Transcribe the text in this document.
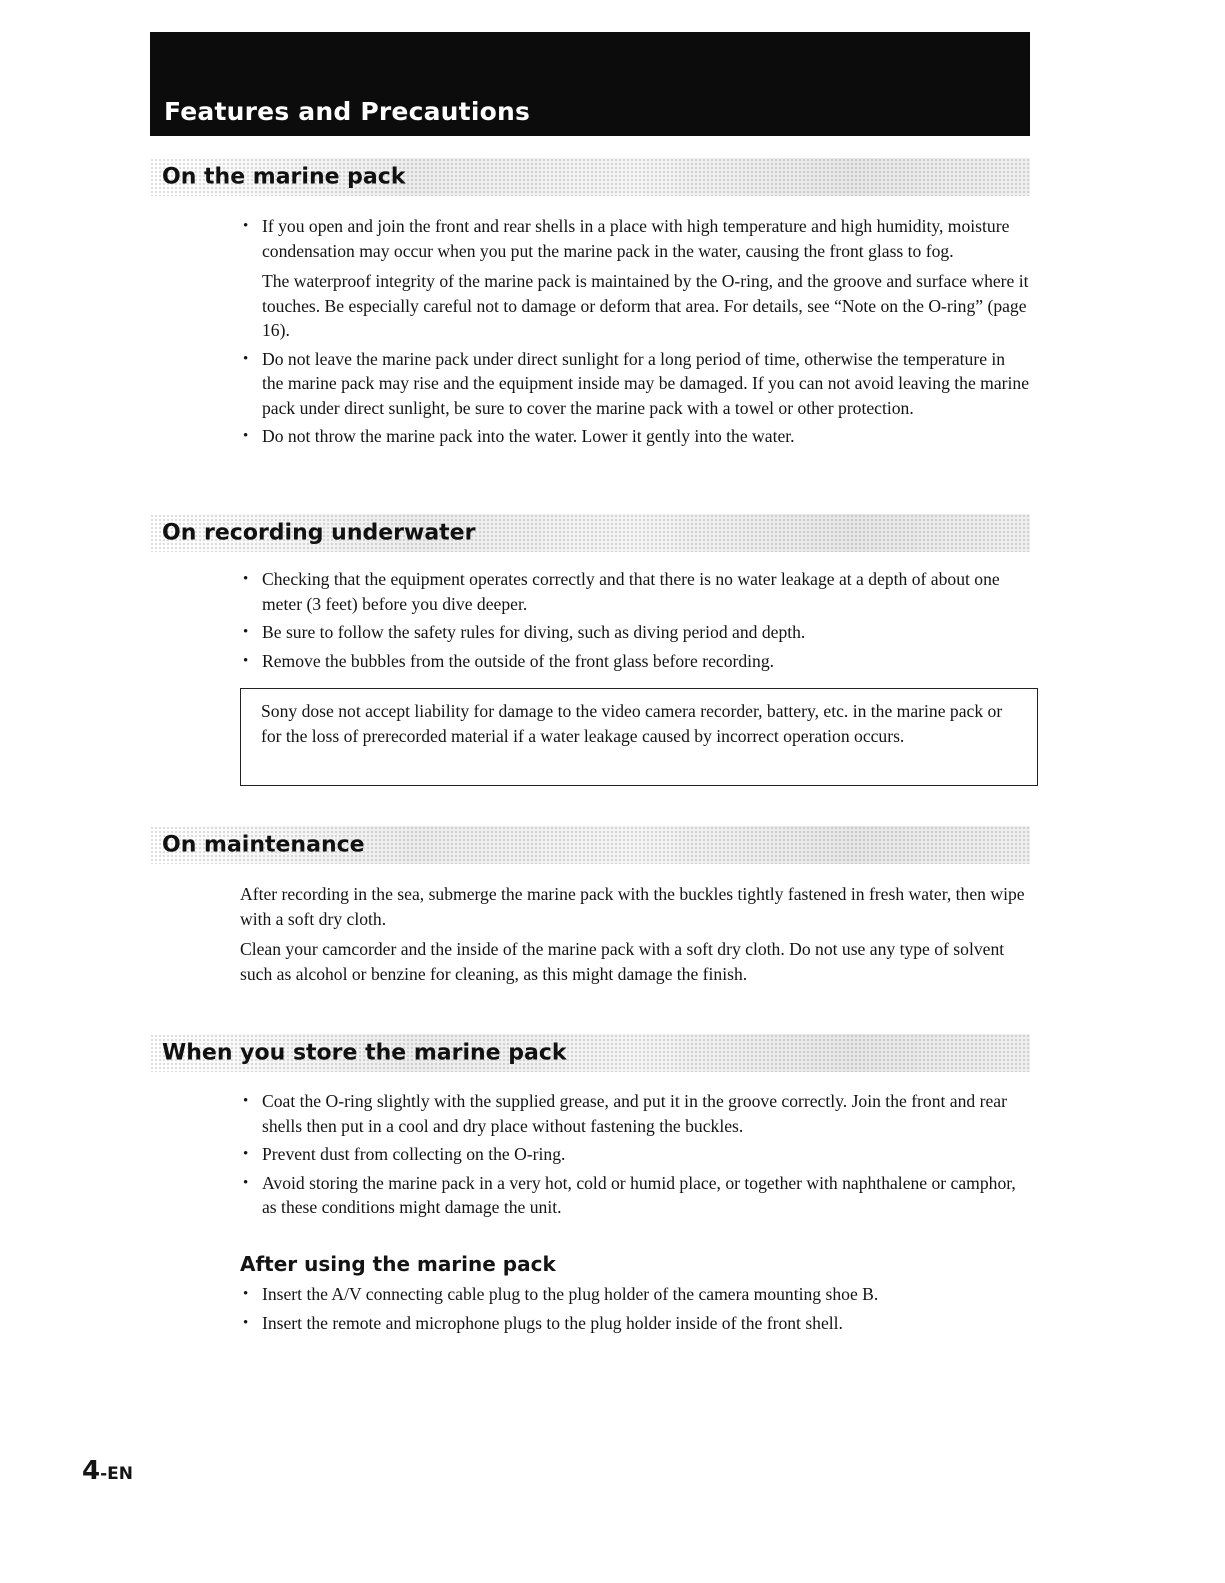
Features and Precautions
On the marine pack
• If you open and join the front and rear shells in a place with high temperature and high humidity, moisture condensation may occur when you put the marine pack in the water, causing the front glass to fog.

The waterproof integrity of the marine pack is maintained by the O-ring, and the groove and surface where it touches. Be especially careful not to damage or deform that area. For details, see “Note on the O-ring” (page 16).

• Do not leave the marine pack under direct sunlight for a long period of time, otherwise the temperature in the marine pack may rise and the equipment inside may be damaged. If you can not avoid leaving the marine pack under direct sunlight, be sure to cover the marine pack with a towel or other protection.

• Do not throw the marine pack into the water. Lower it gently into the water.

On recording underwater
• Checking that the equipment operates correctly and that there is no water leakage at a depth of about one meter (3 feet) before you dive deeper.

• Be sure to follow the safety rules for diving, such as diving period and depth.

• Remove the bubbles from the outside of the front glass before recording.

Sony dose not accept liability for damage to the video camera recorder, battery, etc. in the marine pack or for the loss of prerecorded material if a water leakage caused by incorrect operation occurs.

On maintenance

After recording in the sea, submerge the marine pack with the buckles tightly fastened in fresh water, then wipe with a soft dry cloth.

Clean your camcorder and the inside of the marine pack with a soft dry cloth. Do not use any type of solvent such as alcohol or benzine for cleaning, as this might damage the finish.

When you store the marine pack
• Coat the O-ring slightly with the supplied grease, and put it in the groove correctly. Join the front and rear shells then put in a cool and dry place without fastening the buckles.

• Prevent dust from collecting on the O-ring.

• Avoid storing the marine pack in a very hot, cold or humid place, or together with naphthalene or camphor, as these conditions might damage the unit.

After using the marine pack
• Insert the A/V connecting cable plug to the plug holder of the camera mounting shoe B.

• Insert the remote and microphone plugs to the plug holder inside of the front shell.

4-EN
